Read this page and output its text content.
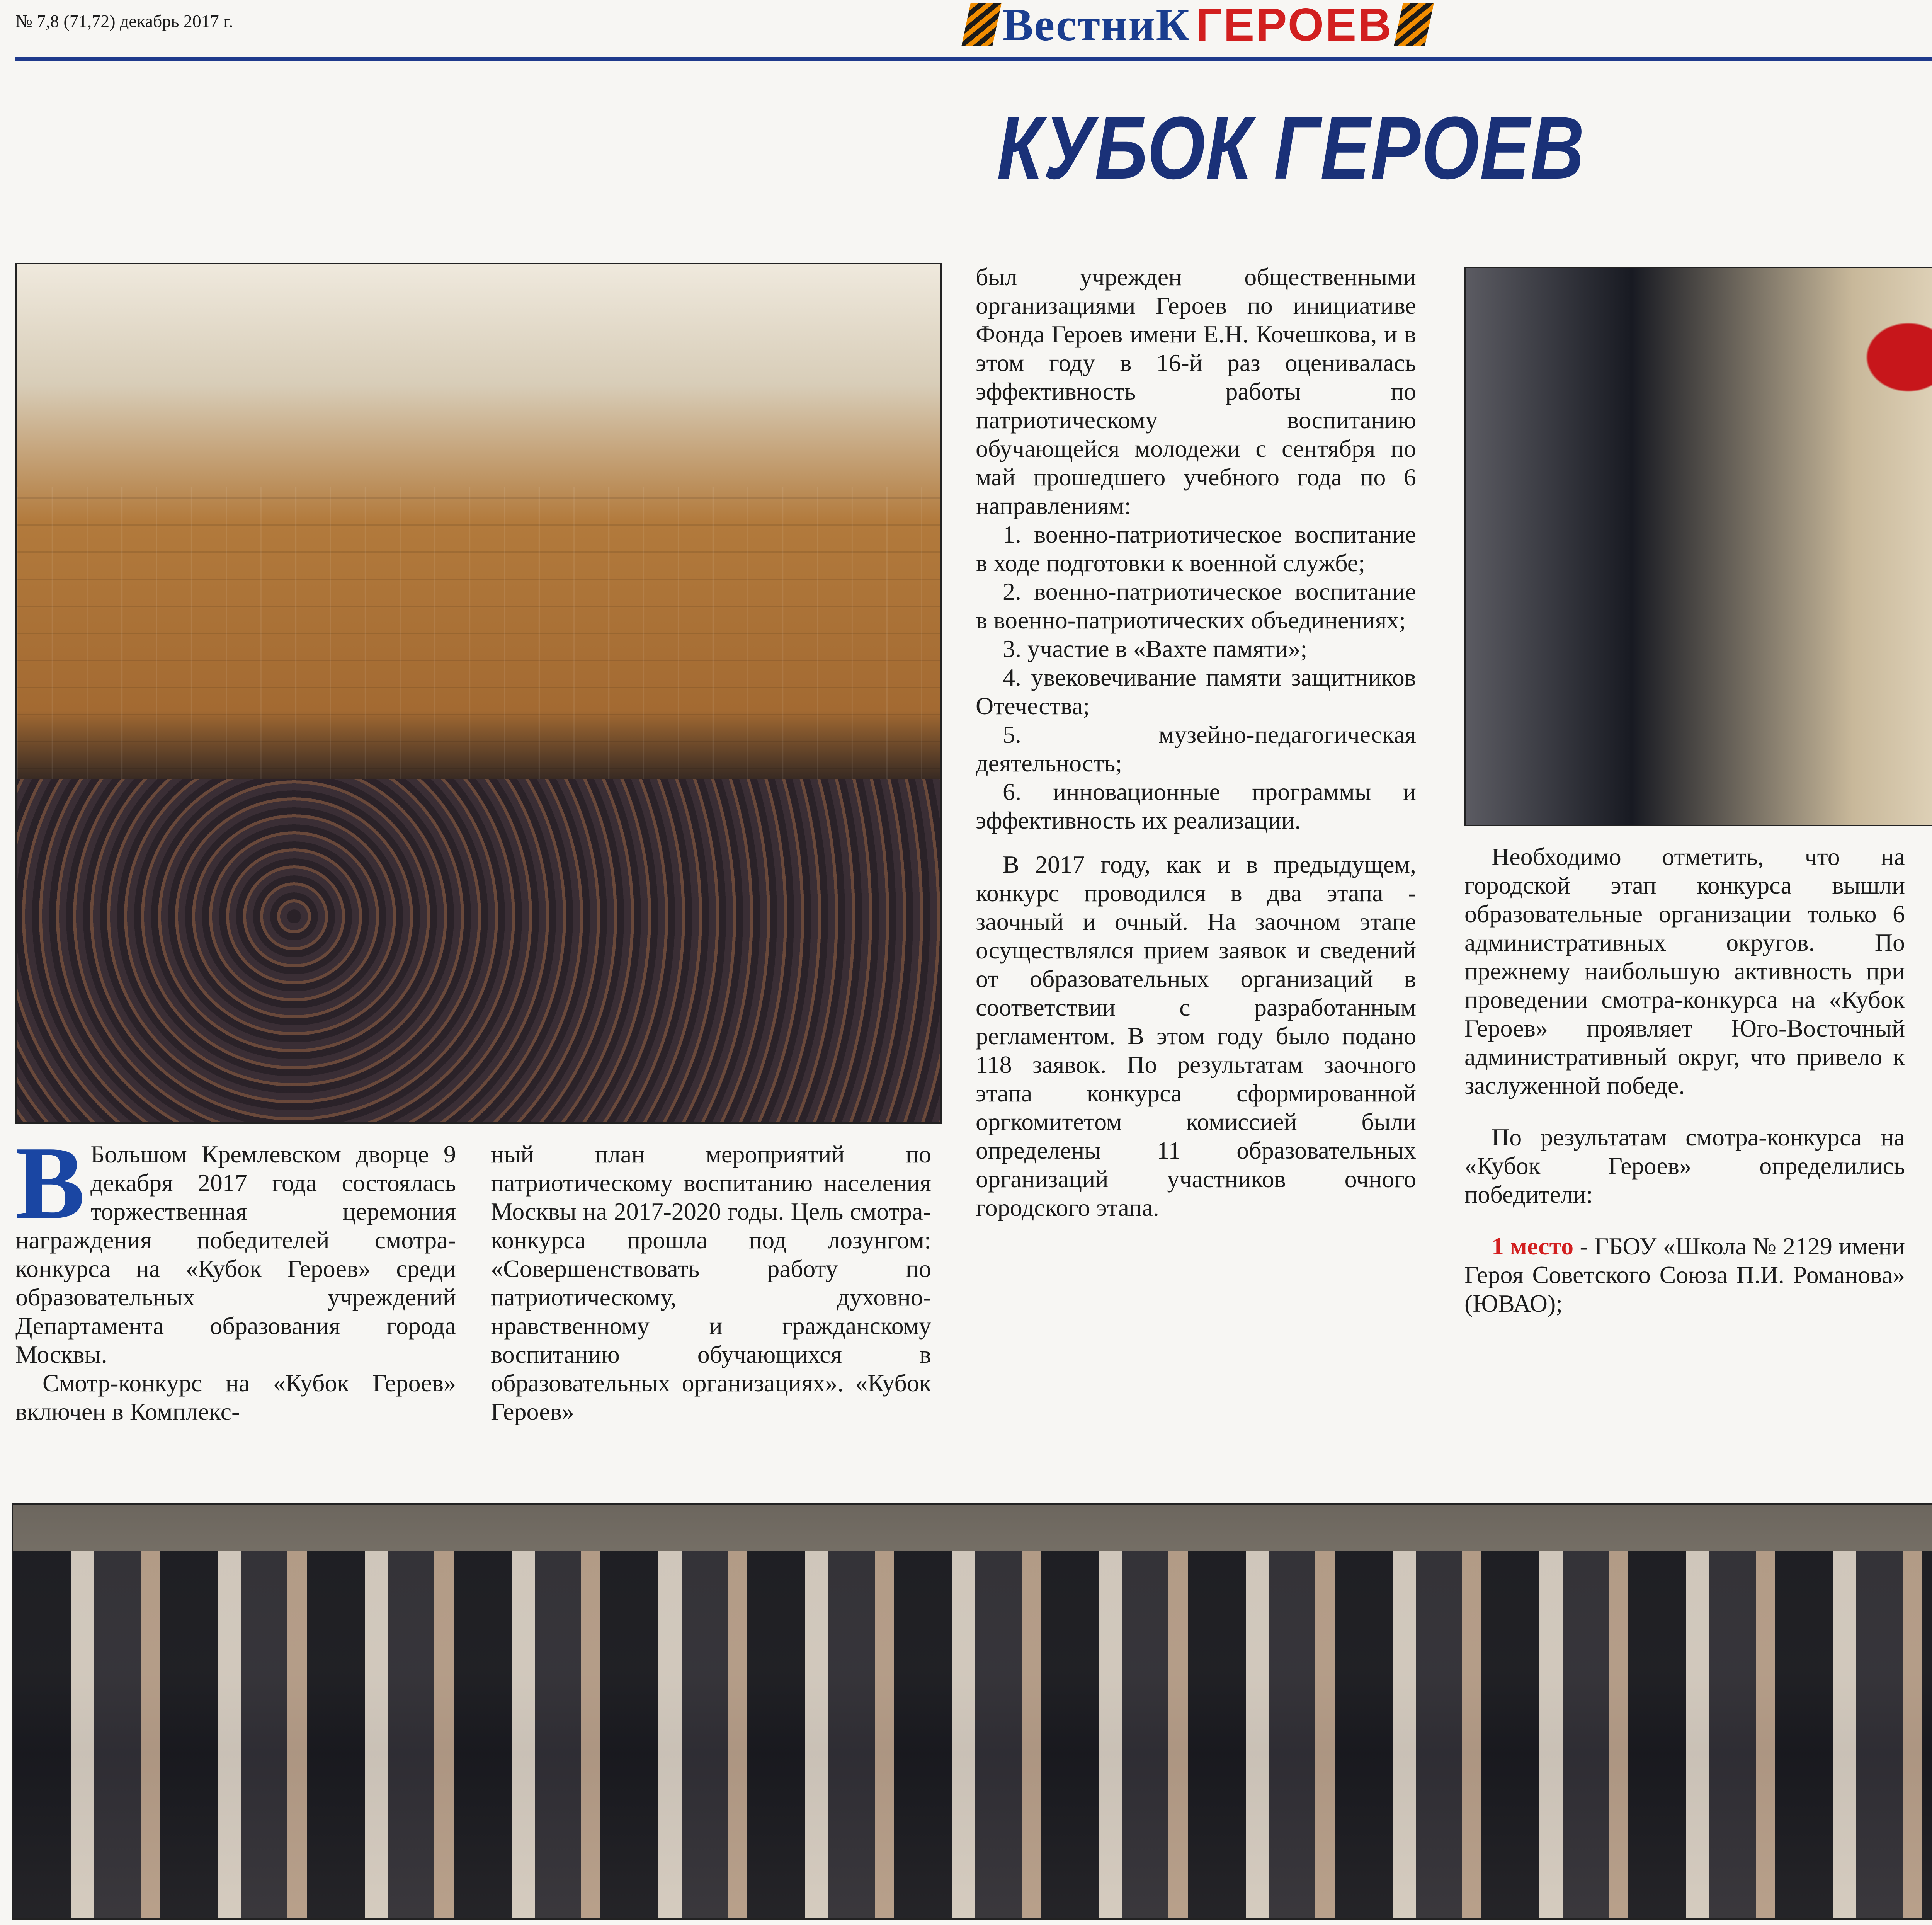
№ 7,8 (71,72) декабрь 2017 г.	ВестниК ГЕРОЕВ
КУБОК ГЕРОЕВ
В Большом Кремлевском дворце 9 декабря 2017 года состоялась торжественная церемония награждения победителей смотра-конкурса на «Кубок Героев» среди образовательных учреждений Департамента образования города Москвы.

Смотр-конкурс на «Кубок Героев» включен в Комплекс-

ный план мероприятий по патриотическому воспитанию населения Москвы на 2017-2020 годы. Цель смотра-конкурса прошла под лозунгом: «Совершенствовать работу по патриотическому, духовно-нравственному и гражданскому воспитанию обучающихся в образовательных организациях». «Кубок Героев»

был учрежден общественными организациями Героев по инициативе Фонда Героев имени Е.Н. Кочешкова, и в этом году в 16-й раз оценивалась эффективность работы по патриотическому воспитанию обучающейся молодежи с сентября по май прошедшего учебного года по 6 направлениям:

1. военно-патриотическое воспитание в ходе подготовки к военной службе;

2. военно-патриотическое воспитание в военно-патриотических объединениях;

3. участие в «Вахте памяти»;

4. увековечивание памяти защитников Отечества;

5. музейно-педагогическая деятельность;

6. инновационные программы и эффективность их реализации.

В 2017 году, как и в предыдущем, конкурс проводился в два этапа - заочный и очный. На заочном этапе осуществлялся прием заявок и сведений от образовательных организаций в соответствии с разработанным регламентом. В этом году было подано 118 заявок. По результатам заочного этапа конкурса сформированной оргкомитетом комиссией были определены 11 образовательных организаций участников очного городского этапа.

Необходимо отметить, что на городской этап конкурса вышли образовательные организации только 6 административных округов. По прежнему наибольшую активность при проведении смотра-конкурса на «Кубок Героев» проявляет Юго-Восточный административный округ, что привело к заслуженной победе.

По результатам смотра-конкурса на «Кубок Героев» определились победители:

1 место - ГБОУ «Школа № 2129 имени Героя Советского Союза П.И. Романова» (ЮВАО);
